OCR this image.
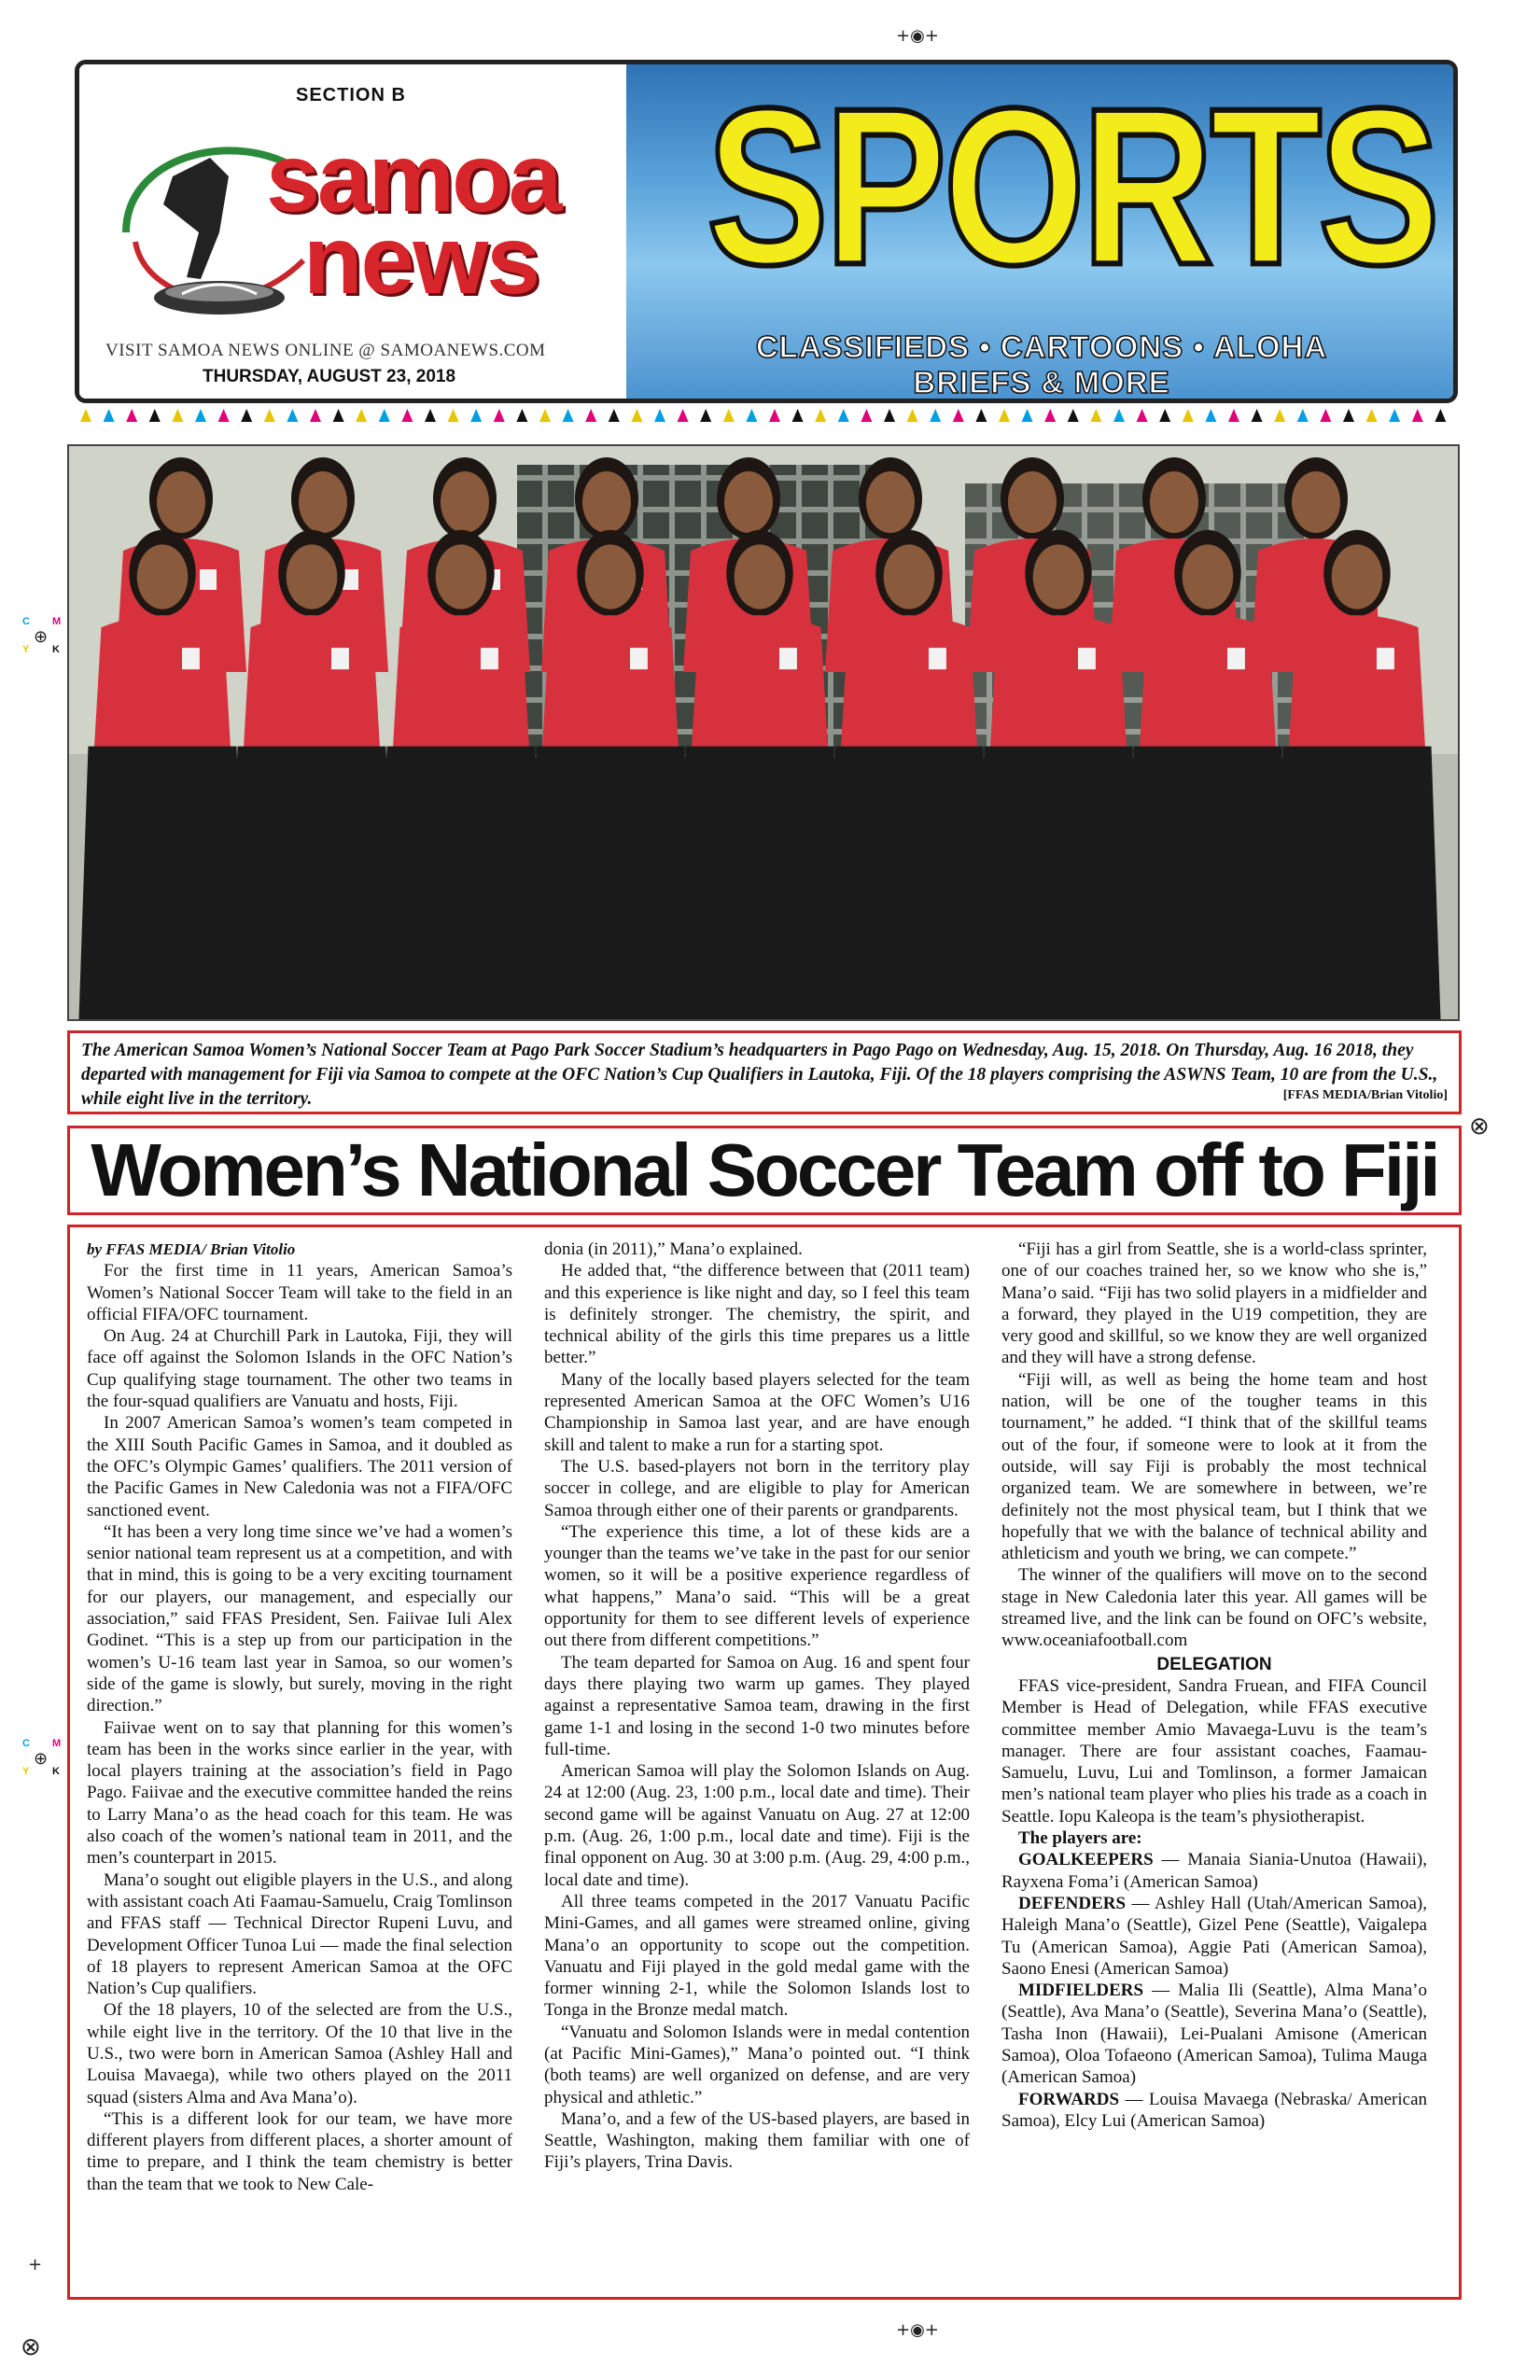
+◉+
SECTION B
samoa
news
VISIT SAMOA NEWS ONLINE @ SAMOANEWS.COM
THURSDAY, AUGUST 23, 2018
SPORTS
CLASSIFIEDS • CARTOONS • ALOHA
BRIEFS & MORE
The American Samoa Women’s National Soccer Team at Pago Park Soccer Stadium’s headquarters in Pago Pago on Wednesday, Aug. 15, 2018. On Thursday, Aug. 16 2018, they departed with management for Fiji via Samoa to compete at the OFC Nation’s Cup Qualifiers in Lautoka, Fiji. Of the 18 players comprising the ASWNS Team, 10 are from the U.S., while eight live in the territory.	[FFAS MEDIA/Brian Vitolio]
Women’s National Soccer Team off to Fiji

by FFAS MEDIA/ Brian Vitolio

For the first time in 11 years, American Samoa’s Women’s National Soccer Team will take to the field in an official FIFA/OFC tournament.

On Aug. 24 at Churchill Park in Lautoka, Fiji, they will face off against the Solomon Islands in the OFC Nation’s Cup qualifying stage tournament. The other two teams in the four-squad qualifiers are Vanuatu and hosts, Fiji.

In 2007 American Samoa’s women’s team competed in the XIII South Pacific Games in Samoa, and it doubled as the OFC’s Olympic Games’ qualifiers. The 2011 version of the Pacific Games in New Caledonia was not a FIFA/OFC sanctioned event.

“It has been a very long time since we’ve had a women’s senior national team represent us at a competition, and with that in mind, this is going to be a very exciting tournament for our players, our management, and especially our association,” said FFAS President, Sen. Faiivae Iuli Alex Godinet. “This is a step up from our participation in the women’s U-16 team last year in Samoa, so our women’s side of the game is slowly, but surely, moving in the right direction.”

Faiivae went on to say that planning for this women’s team has been in the works since earlier in the year, with local players training at the association’s field in Pago Pago. Faiivae and the executive committee handed the reins to Larry Mana’o as the head coach for this team. He was also coach of the women’s national team in 2011, and the men’s counterpart in 2015.

Mana’o sought out eligible players in the U.S., and along with assistant coach Ati Faamau-Samuelu, Craig Tomlinson and FFAS staff — Technical Director Rupeni Luvu, and Development Officer Tunoa Lui — made the final selection of 18 players to represent American Samoa at the OFC Nation’s Cup qualifiers.

Of the 18 players, 10 of the selected are from the U.S., while eight live in the territory. Of the 10 that live in the U.S., two were born in American Samoa (Ashley Hall and Louisa Mavaega), while two others played on the 2011 squad (sisters Alma and Ava Mana’o).

“This is a different look for our team, we have more different players from different places, a shorter amount of time to prepare, and I think the team chemistry is better than the team that we took to New Cale-

donia (in 2011),” Mana’o explained.

He added that, “the difference between that (2011 team) and this experience is like night and day, so I feel this team is definitely stronger. The chemistry, the spirit, and technical ability of the girls this time prepares us a little better.”

Many of the locally based players selected for the team represented American Samoa at the OFC Women’s U16 Championship in Samoa last year, and are have enough skill and talent to make a run for a starting spot.

The U.S. based-players not born in the territory play soccer in college, and are eligible to play for American Samoa through either one of their parents or grandparents.

“The experience this time, a lot of these kids are a younger than the teams we’ve take in the past for our senior women, so it will be a positive experience regardless of what happens,” Mana’o said. “This will be a great opportunity for them to see different levels of experience out there from different competitions.”

The team departed for Samoa on Aug. 16 and spent four days there playing two warm up games. They played against a representative Samoa team, drawing in the first game 1-1 and losing in the second 1-0 two minutes before full-time.

American Samoa will play the Solomon Islands on Aug. 24 at 12:00 (Aug. 23, 1:00 p.m., local date and time). Their second game will be against Vanuatu on Aug. 27 at 12:00 p.m. (Aug. 26, 1:00 p.m., local date and time). Fiji is the final opponent on Aug. 30 at 3:00 p.m. (Aug. 29, 4:00 p.m., local date and time).

All three teams competed in the 2017 Vanuatu Pacific Mini-Games, and all games were streamed online, giving Mana’o an opportunity to scope out the competition. Vanuatu and Fiji played in the gold medal game with the former winning 2-1, while the Solomon Islands lost to Tonga in the Bronze medal match.

“Vanuatu and Solomon Islands were in medal contention (at Pacific Mini-Games),” Mana’o pointed out. “I think (both teams) are well organized on defense, and are very physical and athletic.”

Mana’o, and a few of the US-based players, are based in Seattle, Washington, making them familiar with one of Fiji’s players, Trina Davis.

“Fiji has a girl from Seattle, she is a world-class sprinter, one of our coaches trained her, so we know who she is,” Mana’o said. “Fiji has two solid players in a midfielder and a forward, they played in the U19 competition, they are very good and skillful, so we know they are well organized and they will have a strong defense.

“Fiji will, as well as being the home team and host nation, will be one of the tougher teams in this tournament,” he added. “I think that of the skillful teams out of the four, if someone were to look at it from the outside, will say Fiji is probably the most technical organized team. We are somewhere in between, we’re definitely not the most physical team, but I think that we hopefully that we with the balance of technical ability and athleticism and youth we bring, we can compete.”

The winner of the qualifiers will move on to the second stage in New Caledonia later this year. All games will be streamed live, and the link can be found on OFC’s website, www.oceaniafootball.com

DELEGATION

FFAS vice-president, Sandra Fruean, and FIFA Council Member is Head of Delegation, while FFAS executive committee member Amio Mavaega-Luvu is the team’s manager. There are four assistant coaches, Faamau-Samuelu, Luvu, Lui and Tomlinson, a former Jamaican men’s national team player who plies his trade as a coach in Seattle. Iopu Kaleopa is the team’s physiotherapist.

The players are:

GOALKEEPERS — Manaia Siania-Unutoa (Hawaii), Rayxena Foma’i (American Samoa)

DEFENDERS — Ashley Hall (Utah/American Samoa), Haleigh Mana’o (Seattle), Gizel Pene (Seattle), Vaigalepa Tu (American Samoa), Aggie Pati (American Samoa), Saono Enesi (American Samoa)

MIDFIELDERS — Malia Ili (Seattle), Alma Mana’o (Seattle), Ava Mana’o (Seattle), Severina Mana’o (Seattle), Tasha Inon (Hawaii), Lei-Pualani Amisone (American Samoa), Oloa Tofaeono (American Samoa), Tulima Mauga (American Samoa)

FORWARDS — Louisa Mavaega (Nebraska/ American Samoa), Elcy Lui (American Samoa)

C M
Y K
⊕
C M
Y K
⊕
⊗
+
⊗
+◉+
